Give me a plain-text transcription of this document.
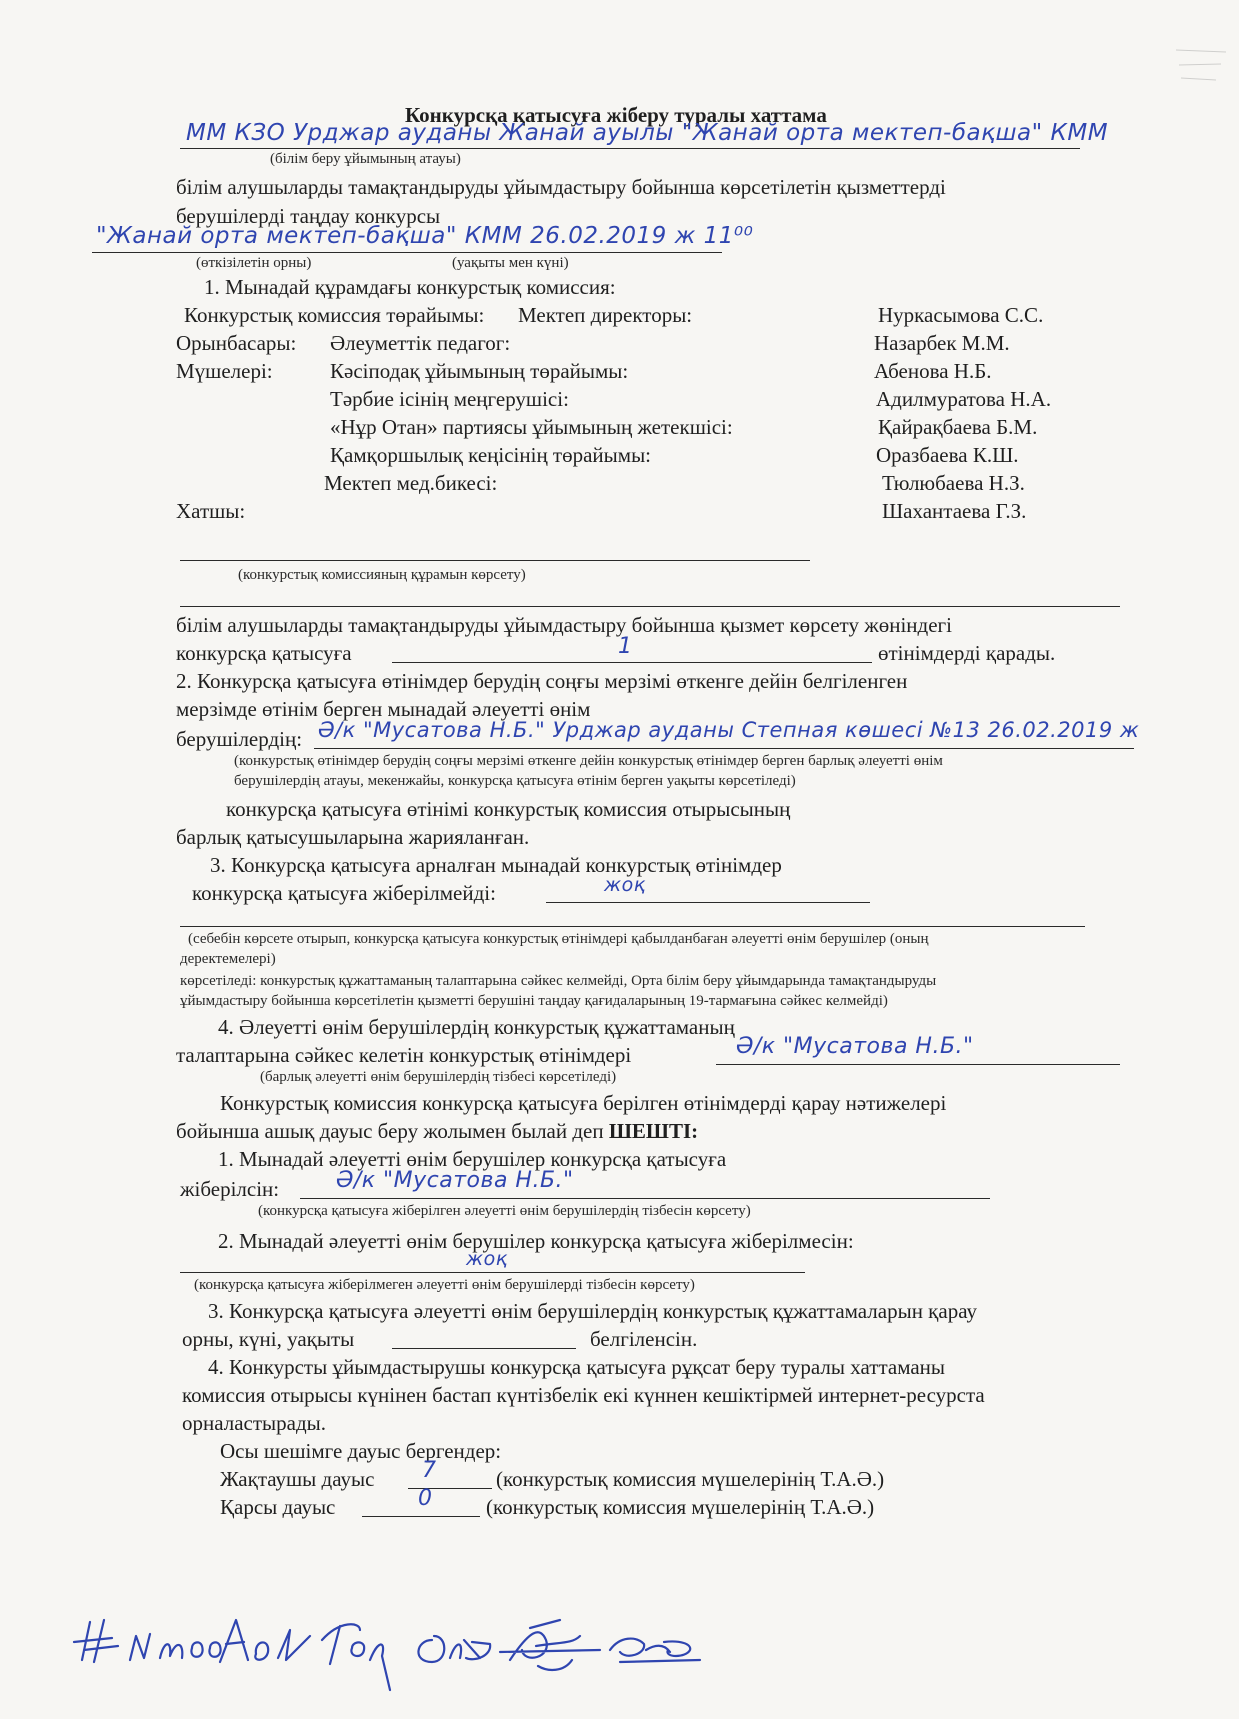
Конкурсқа қатысуға жіберу туралы хаттама
ММ КЗО Урджар ауданы Жанай ауылы "Жанай орта мектеп-бақша" КММ
(білім беру ұйымының атауы)
білім алушыларды тамақтандыруды ұйымдастыру бойынша көрсетілетін қызметтерді
берушілерді таңдау конкурсы
"Жанай орта мектеп-бақша" КММ 26.02.2019 ж 11⁰⁰
(өткізілетін орны)	(уақыты мен күні)
1. Мынадай құрамдағы конкурстық комиссия:
Конкурстық комиссия төрайымы: Мектеп директоры:	Нуркасымова С.С.
Орынбасары: Әлеуметтік педагог:	Назарбек М.М.
Мүшелері:	Кәсіподақ ұйымының төрайымы:	Абенова Н.Б.
Тәрбие ісінің меңгерушісі:	Адилмуратова Н.А.
«Нұр Отан» партиясы ұйымының жетекшісі:	Қайрақбаева Б.М.
Қамқоршылық кеңісінің төрайымы:	Оразбаева К.Ш.
Мектеп мед.бикесі:	Тюлюбаева Н.З.
Хатшы:	Шахантаева Г.З.
(конкурстық комиссияның құрамын көрсету)
білім алушыларды тамақтандыруды ұйымдастыру бойынша қызмет көрсету жөніндегі
конкурсқа қатысуға	1	өтінімдерді қарады.
2. Конкурсқа қатысуға өтінімдер берудің соңғы мерзімі өткенге дейін белгіленген
мерзімде өтінім берген мынадай әлеуетті өнім
берушілердің: Ә/к "Мусатова Н.Б." Урджар ауданы Степная көшесі №13 26.02.2019 ж
(конкурстық өтінімдер берудің соңғы мерзімі өткенге дейін конкурстық өтінімдер берген барлық әлеуетті өнім
берушілердің атауы, мекенжайы, конкурсқа қатысуға өтінім берген уақыты көрсетіледі)
конкурсқа қатысуға өтінімі конкурстық комиссия отырысының
барлық қатысушыларына жарияланған.
3. Конкурсқа қатысуға арналған мынадай конкурстық өтінімдер
конкурсқа қатысуға жіберілмейді:	жоқ
(себебін көрсете отырып, конкурсқа қатысуға конкурстық өтінімдері қабылданбаған әлеуетті өнім берушілер (оның
деректемелері)
көрсетіледі: конкурстық құжаттаманың талаптарына сәйкес келмейді, Орта білім беру ұйымдарында тамақтандыруды
ұйымдастыру бойынша көрсетілетін қызметті берушіні таңдау қағидаларының 19-тармағына сәйкес келмейді)
4. Әлеуетті өнім берушілердің конкурстық құжаттаманың
талаптарына сәйкес келетін конкурстық өтінімдері	Ә/к "Мусатова Н.Б."
(барлық әлеуетті өнім берушілердің тізбесі көрсетіледі)
Конкурстық комиссия конкурсқа қатысуға берілген өтінімдерді қарау нәтижелері
бойынша ашық дауыс беру жолымен былай деп ШЕШТІ:
1. Мынадай әлеуетті өнім берушілер конкурсқа қатысуға
жіберілсін:	Ә/к "Мусатова Н.Б."
(конкурсқа қатысуға жіберілген әлеуетті өнім берушілердің тізбесін көрсету)
2. Мынадай әлеуетті өнім берушілер конкурсқа қатысуға жіберілмесін:
жоқ
(конкурсқа қатысуға жіберілмеген әлеуетті өнім берушілерді тізбесін көрсету)
3. Конкурсқа қатысуға әлеуетті өнім берушілердің конкурстық құжаттамаларын қарау
орны, күні, уақыты	белгіленсін.
4. Конкурсты ұйымдастырушы конкурсқа қатысуға рұқсат беру туралы хаттаманы
комиссия отырысы күнінен бастап күнтізбелік екі күннен кешіктірмей интернет-ресурста
орналастырады.
Осы шешімге дауыс бергендер:
Жақтаушы дауыс 7	(конкурстық комиссия мүшелерінің Т.А.Ә.)
Қарсы дауыс	0	(конкурстық комиссия мүшелерінің Т.А.Ә.)
